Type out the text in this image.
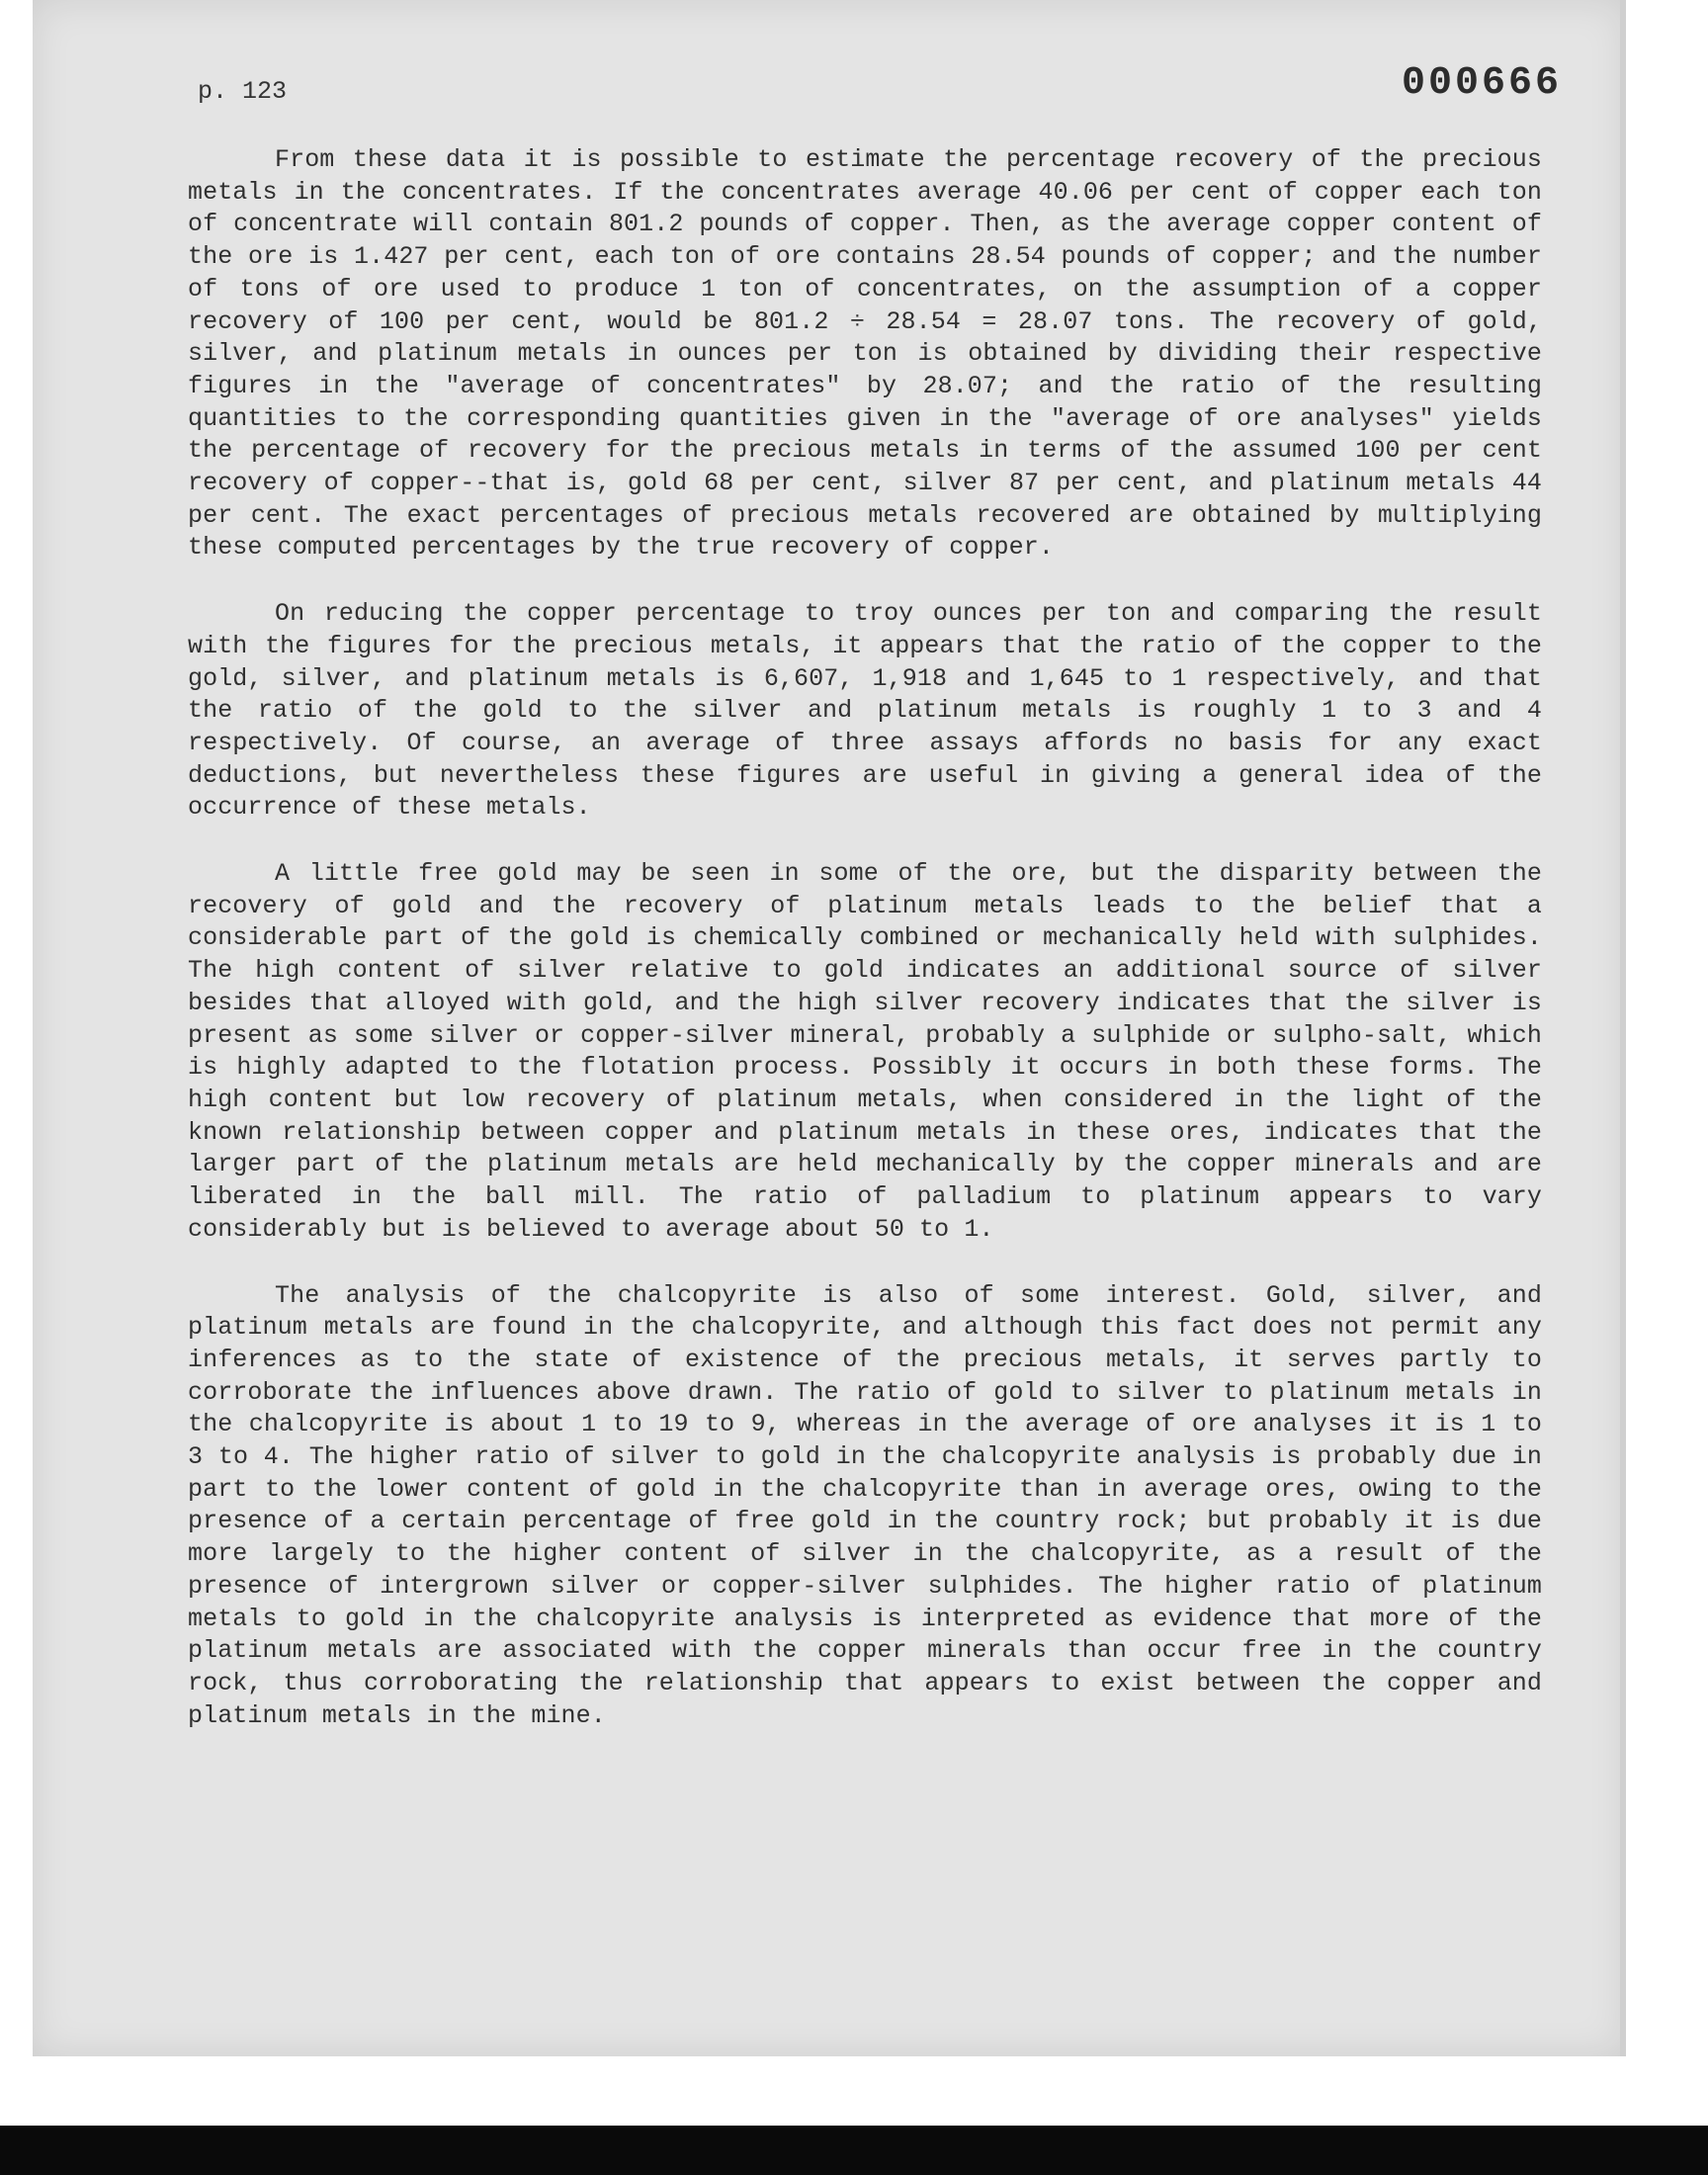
p. 123	000666

From these data it is possible to estimate the percentage recovery of the precious metals in the concentrates. If the concentrates average 40.06 per cent of copper each ton of concentrate will contain 801.2 pounds of copper. Then, as the average copper content of the ore is 1.427 per cent, each ton of ore contains 28.54 pounds of copper; and the number of tons of ore used to produce 1 ton of concentrates, on the assumption of a copper recovery of 100 per cent, would be 801.2 ÷ 28.54 = 28.07 tons. The recovery of gold, silver, and platinum metals in ounces per ton is obtained by dividing their respective figures in the "average of concentrates" by 28.07; and the ratio of the resulting quantities to the corresponding quantities given in the "average of ore analyses" yields the percentage of recovery for the precious metals in terms of the assumed 100 per cent recovery of copper--that is, gold 68 per cent, silver 87 per cent, and platinum metals 44 per cent. The exact percentages of precious metals recovered are obtained by multiplying these computed percentages by the true recovery of copper.

On reducing the copper percentage to troy ounces per ton and comparing the result with the figures for the precious metals, it appears that the ratio of the copper to the gold, silver, and platinum metals is 6,607, 1,918 and 1,645 to 1 respectively, and that the ratio of the gold to the silver and platinum metals is roughly 1 to 3 and 4 respectively. Of course, an average of three assays affords no basis for any exact deductions, but nevertheless these figures are useful in giving a general idea of the occurrence of these metals.

A little free gold may be seen in some of the ore, but the disparity between the recovery of gold and the recovery of platinum metals leads to the belief that a considerable part of the gold is chemically combined or mechanically held with sulphides. The high content of silver relative to gold indicates an additional source of silver besides that alloyed with gold, and the high silver recovery indicates that the silver is present as some silver or copper-silver mineral, probably a sulphide or sulpho-salt, which is highly adapted to the flotation process. Possibly it occurs in both these forms. The high content but low recovery of platinum metals, when considered in the light of the known relationship between copper and platinum metals in these ores, indicates that the larger part of the platinum metals are held mechanically by the copper minerals and are liberated in the ball mill. The ratio of palladium to platinum appears to vary considerably but is believed to average about 50 to 1.

The analysis of the chalcopyrite is also of some interest. Gold, silver, and platinum metals are found in the chalcopyrite, and although this fact does not permit any inferences as to the state of existence of the precious metals, it serves partly to corroborate the influences above drawn. The ratio of gold to silver to platinum metals in the chalcopyrite is about 1 to 19 to 9, whereas in the average of ore analyses it is 1 to 3 to 4. The higher ratio of silver to gold in the chalcopyrite analysis is probably due in part to the lower content of gold in the chalcopyrite than in average ores, owing to the presence of a certain percentage of free gold in the country rock; but probably it is due more largely to the higher content of silver in the chalcopyrite, as a result of the presence of intergrown silver or copper-silver sulphides. The higher ratio of platinum metals to gold in the chalcopyrite analysis is interpreted as evidence that more of the platinum metals are associated with the copper minerals than occur free in the country rock, thus corroborating the relationship that appears to exist between the copper and platinum metals in the mine.
